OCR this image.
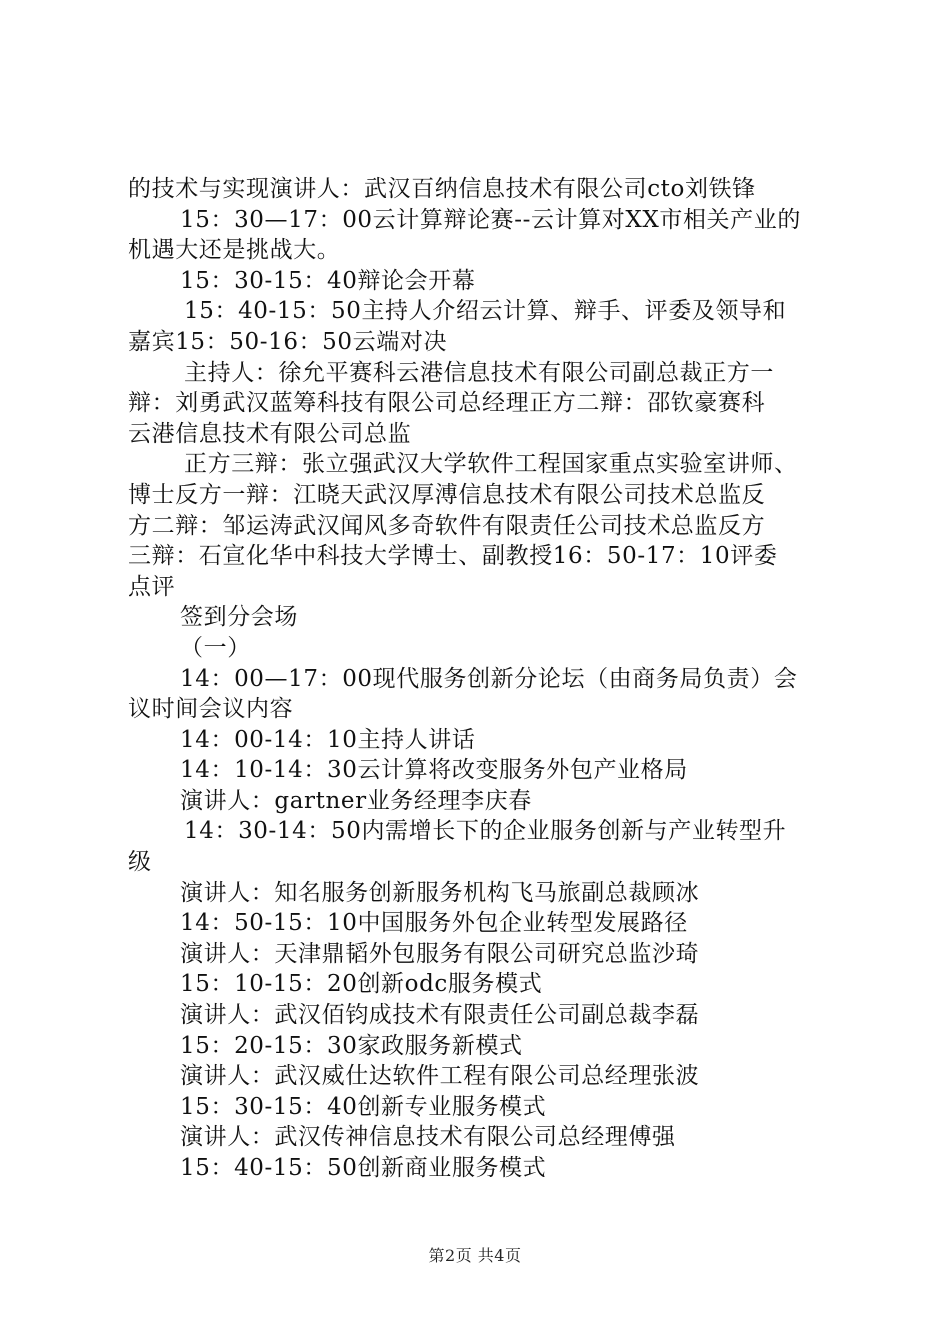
的技术与实现演讲人：武汉百纳信息技术有限公司cto刘铁锋
15：30—17：00云计算辩论赛--云计算对XX市相关产业的
机遇大还是挑战大。
15：30-15：40辩论会开幕
15：40-15：50主持人介绍云计算、辩手、评委及领导和
嘉宾15：50-16：50云端对决
主持人：徐允平赛科云港信息技术有限公司副总裁正方一
辩：刘勇武汉蓝筹科技有限公司总经理正方二辩：邵钦豪赛科
云港信息技术有限公司总监
正方三辩：张立强武汉大学软件工程国家重点实验室讲师、
博士反方一辩：江晓天武汉厚溥信息技术有限公司技术总监反
方二辩：邹运涛武汉闻风多奇软件有限责任公司技术总监反方
三辩：石宣化华中科技大学博士、副教授16：50-17：10评委
点评
签到分会场
（一）
14：00—17：00现代服务创新分论坛（由商务局负责）会
议时间会议内容
14：00-14：10主持人讲话
14：10-14：30云计算将改变服务外包产业格局
演讲人：gartner业务经理李庆春
14：30-14：50内需增长下的企业服务创新与产业转型升
级
演讲人：知名服务创新服务机构飞马旅副总裁顾冰
14：50-15：10中国服务外包企业转型发展路径
演讲人：天津鼎韬外包服务有限公司研究总监沙琦
15：10-15：20创新odc服务模式
演讲人：武汉佰钧成技术有限责任公司副总裁李磊
15：20-15：30家政服务新模式
演讲人：武汉威仕达软件工程有限公司总经理张波
15：30-15：40创新专业服务模式
演讲人：武汉传神信息技术有限公司总经理傅强
15：40-15：50创新商业服务模式
第2页 共4页
